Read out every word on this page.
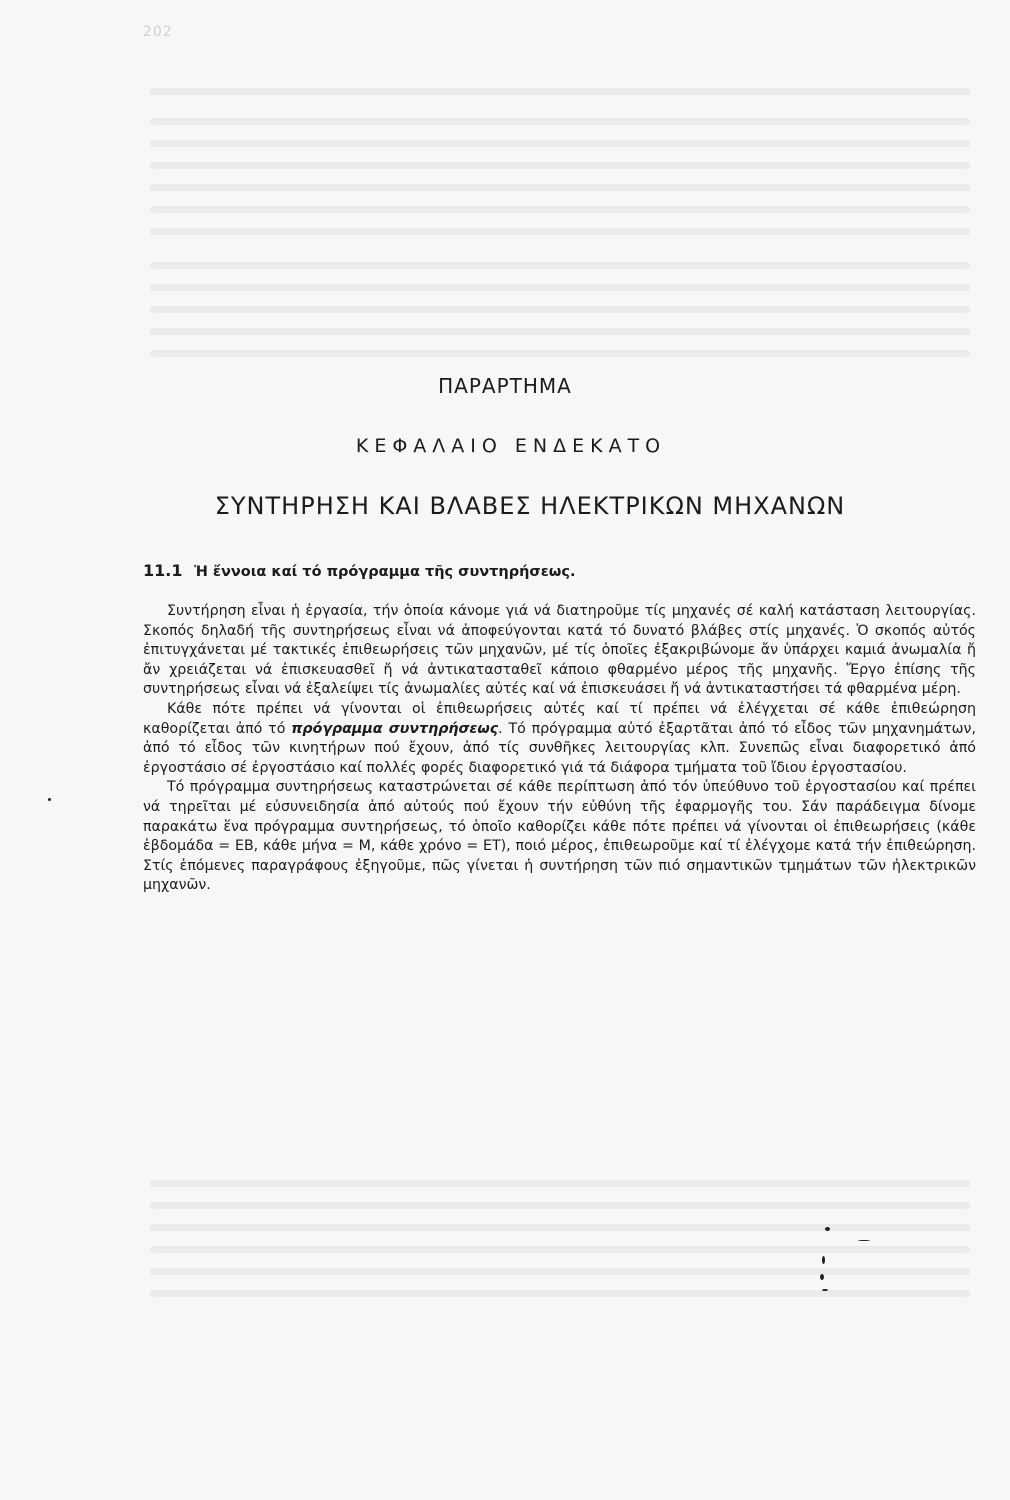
202
ΠΑΡΑΡΤΗΜΑ
ΚΕΦΑΛΑΙΟ ΕΝΔΕΚΑΤΟ
ΣΥΝΤΗΡΗΣΗ ΚΑΙ ΒΛΑΒΕΣ ΗΛΕΚΤΡΙΚΩΝ ΜΗΧΑΝΩΝ
11.1 Ἡ ἔννοια καί τό πρόγραμμα τῆς συντηρήσεως.

Συντήρηση εἶναι ἡ ἐργασία, τήν ὁποία κάνομε γιά νά διατηροῦμε τίς μηχανές σέ καλή κατάσταση λειτουργίας. Σκοπός δηλαδή τῆς συντηρήσεως εἶναι νά ἀποφεύγονται κατά τό δυνατό βλάβες στίς μηχανές. Ὁ σκοπός αὐτός ἐπιτυγχάνεται μέ τακτικές ἐπιθεωρήσεις τῶν μηχανῶν, μέ τίς ὁποῖες ἐξακριβώνομε ἄν ὑπάρχει καμιά ἀνωμαλία ἤ ἄν χρειάζεται νά ἐπισκευασθεῖ ἤ νά ἀντικατασταθεῖ κάποιο φθαρμένο μέρος τῆς μηχανῆς. Ἔργο ἐπίσης τῆς συντηρήσεως εἶναι νά ἐξαλείψει τίς ἀνωμαλίες αὐτές καί νά ἐπισκευάσει ἤ νά ἀντικαταστήσει τά φθαρμένα μέρη.

Κάθε πότε πρέπει νά γίνονται οἱ ἐπιθεωρήσεις αὐτές καί τί πρέπει νά ἐλέγχεται σέ κάθε ἐπιθεώρηση καθορίζεται ἀπό τό πρόγραμμα συντηρήσεως. Τό πρόγραμμα αὐτό ἐξαρτᾶται ἀπό τό εἶδος τῶν μηχανημάτων, ἀπό τό εἶδος τῶν κινητήρων πού ἔχουν, ἀπό τίς συνθῆκες λειτουργίας κλπ. Συνεπῶς εἶναι διαφορετικό ἀπό ἐργοστάσιο σέ ἐργοστάσιο καί πολλές φορές διαφορετικό γιά τά διάφορα τμήματα τοῦ ἴδιου ἐργοστασίου.

Τό πρόγραμμα συντηρήσεως καταστρώνεται σέ κάθε περίπτωση ἀπό τόν ὑπεύθυνο τοῦ ἐργοστασίου καί πρέπει νά τηρεῖται μέ εὐσυνειδησία ἀπό αὐτούς πού ἔχουν τήν εὐθύνη τῆς ἐφαρμογῆς του. Σάν παράδειγμα δίνομε παρακάτω ἕνα πρόγραμμα συντηρήσεως, τό ὁποῖο καθορίζει κάθε πότε πρέπει νά γίνονται οἱ ἐπιθεωρήσεις (κάθε ἑβδομάδα = ΕΒ, κάθε μήνα = Μ, κάθε χρόνο = ΕΤ), ποιό μέρος, ἐπιθεωροῦμε καί τί ἐλέγχομε κατά τήν ἐπιθεώρηση. Στίς ἑπόμενες παραγράφους ἐξηγοῦμε, πῶς γίνεται ἡ συντήρηση τῶν πιό σημαντικῶν τμημάτων τῶν ἠλεκτρικῶν μηχανῶν.
